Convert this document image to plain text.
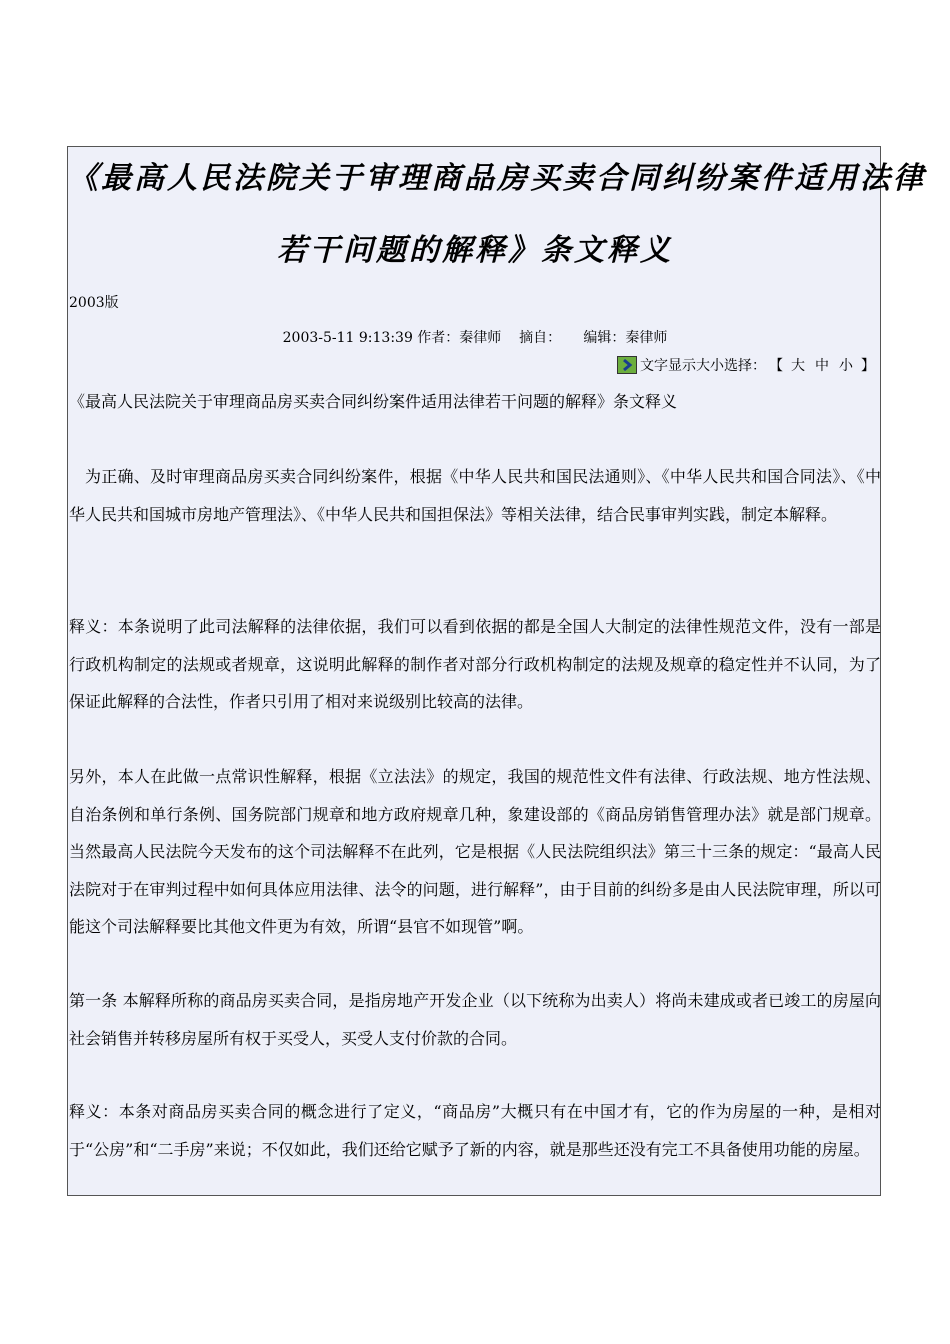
《最高人民法院关于审理商品房买卖合同纠纷案件适用法律
若干问题的解释》条文释义
2003版
2003-5-11 9:13:39 作者：秦律师    摘自：     编辑：秦律师
文字显示大小选择： 【 大 中 小 】
《最高人民法院关于审理商品房买卖合同纠纷案件适用法律若干问题的解释》条文释义
为正确、及时审理商品房买卖合同纠纷案件，根据《中华人民共和国民法通则》、《中华人民共和国合同法》、《中华人民共和国城市房地产管理法》、《中华人民共和国担保法》等相关法律，结合民事审判实践，制定本解释。
释义：本条说明了此司法解释的法律依据，我们可以看到依据的都是全国人大制定的法律性规范文件，没有一部是行政机构制定的法规或者规章，这说明此解释的制作者对部分行政机构制定的法规及规章的稳定性并不认同，为了保证此解释的合法性，作者只引用了相对来说级别比较高的法律。
另外，本人在此做一点常识性解释，根据《立法法》的规定，我国的规范性文件有法律、行政法规、地方性法规、自治条例和单行条例、国务院部门规章和地方政府规章几种，象建设部的《商品房销售管理办法》就是部门规章。当然最高人民法院今天发布的这个司法解释不在此列，它是根据《人民法院组织法》第三十三条的规定：“最高人民法院对于在审判过程中如何具体应用法律、法令的问题，进行解释”，由于目前的纠纷多是由人民法院审理，所以可能这个司法解释要比其他文件更为有效，所谓“县官不如现管”啊。
第一条 本解释所称的商品房买卖合同，是指房地产开发企业（以下统称为出卖人）将尚未建成或者已竣工的房屋向社会销售并转移房屋所有权于买受人，买受人支付价款的合同。
释义：本条对商品房买卖合同的概念进行了定义，“商品房”大概只有在中国才有，它的作为房屋的一种，是相对于“公房”和“二手房”来说；不仅如此，我们还给它赋予了新的内容，就是那些还没有完工不具备使用功能的房屋。
